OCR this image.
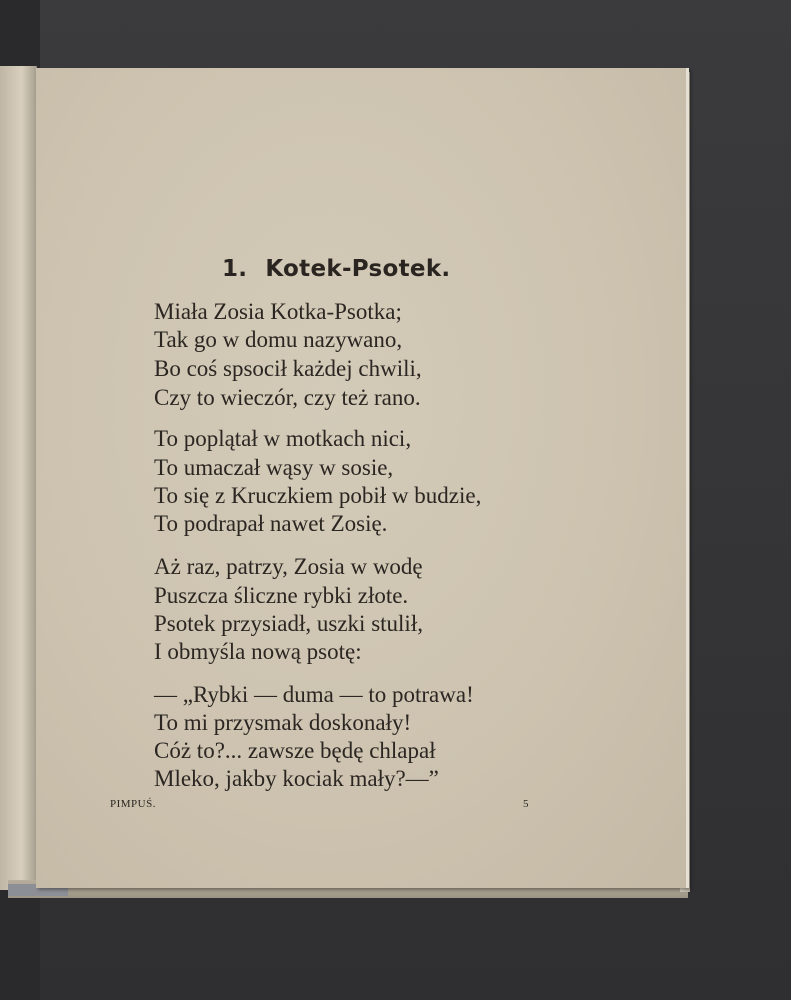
1. Kotek-Psotek.
Miała Zosia Kotka-Psotka;
Tak go w domu nazywano,
Bo coś spsocił każdej chwili,
Czy to wieczór, czy też rano.
To poplątał w motkach nici,
To umaczał wąsy w sosie,
To się z Kruczkiem pobił w budzie,
To podrapał nawet Zosię.
Aż raz, patrzy, Zosia w wodę
Puszcza śliczne rybki złote.
Psotek przysiadł, uszki stulił,
I obmyśla nową psotę:
— „Rybki — duma — to potrawa!
To mi przysmak doskonały!
Cóż to?... zawsze będę chlapał
Mleko, jakby kociak mały?—”
PIMPUŚ.	5
